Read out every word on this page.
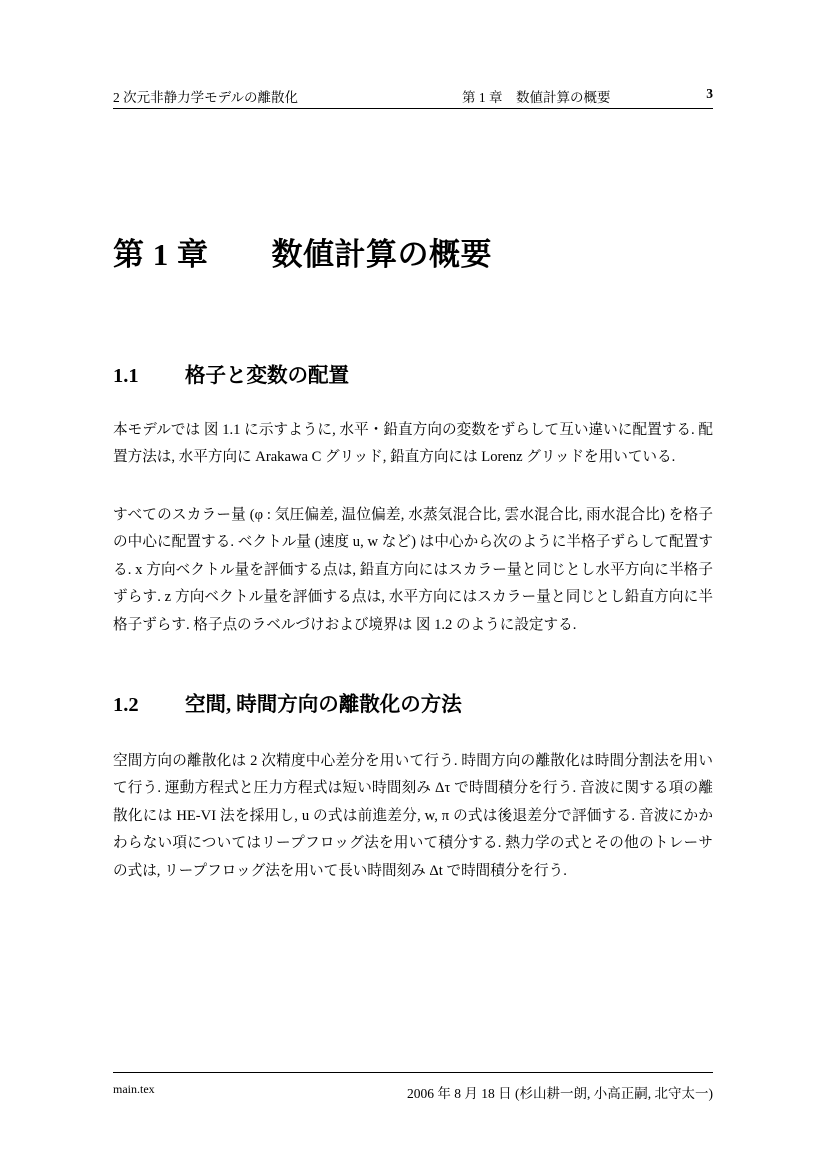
2 次元非静力学モデルの離散化	第 1 章　数値計算の概要	3
第 1 章　　数値計算の概要
1.1 格子と変数の配置

本モデルでは 図 1.1 に示すように, 水平・鉛直方向の変数をずらして互い違いに配置する. 配置方法は, 水平方向に Arakawa C グリッド, 鉛直方向には Lorenz グリッドを用いている.

すべてのスカラー量 (φ : 気圧偏差, 温位偏差, 水蒸気混合比, 雲水混合比, 雨水混合比) を格子の中心に配置する. ベクトル量 (速度 u, w など) は中心から次のように半格子ずらして配置する. x 方向ベクトル量を評価する点は, 鉛直方向にはスカラー量と同じとし水平方向に半格子ずらす. z 方向ベクトル量を評価する点は, 水平方向にはスカラー量と同じとし鉛直方向に半格子ずらす. 格子点のラベルづけおよび境界は 図 1.2 のように設定する.

1.2 空間, 時間方向の離散化の方法

空間方向の離散化は 2 次精度中心差分を用いて行う. 時間方向の離散化は時間分割法を用いて行う. 運動方程式と圧力方程式は短い時間刻み Δτ で時間積分を行う. 音波に関する項の離散化には HE-VI 法を採用し, u の式は前進差分, w, π の式は後退差分で評価する. 音波にかかわらない項についてはリープフロッグ法を用いて積分する. 熱力学の式とその他のトレーサの式は, リープフロッグ法を用いて長い時間刻み Δt で時間積分を行う.

main.tex	2006 年 8 月 18 日 (杉山耕一朗, 小高正嗣, 北守太一)
